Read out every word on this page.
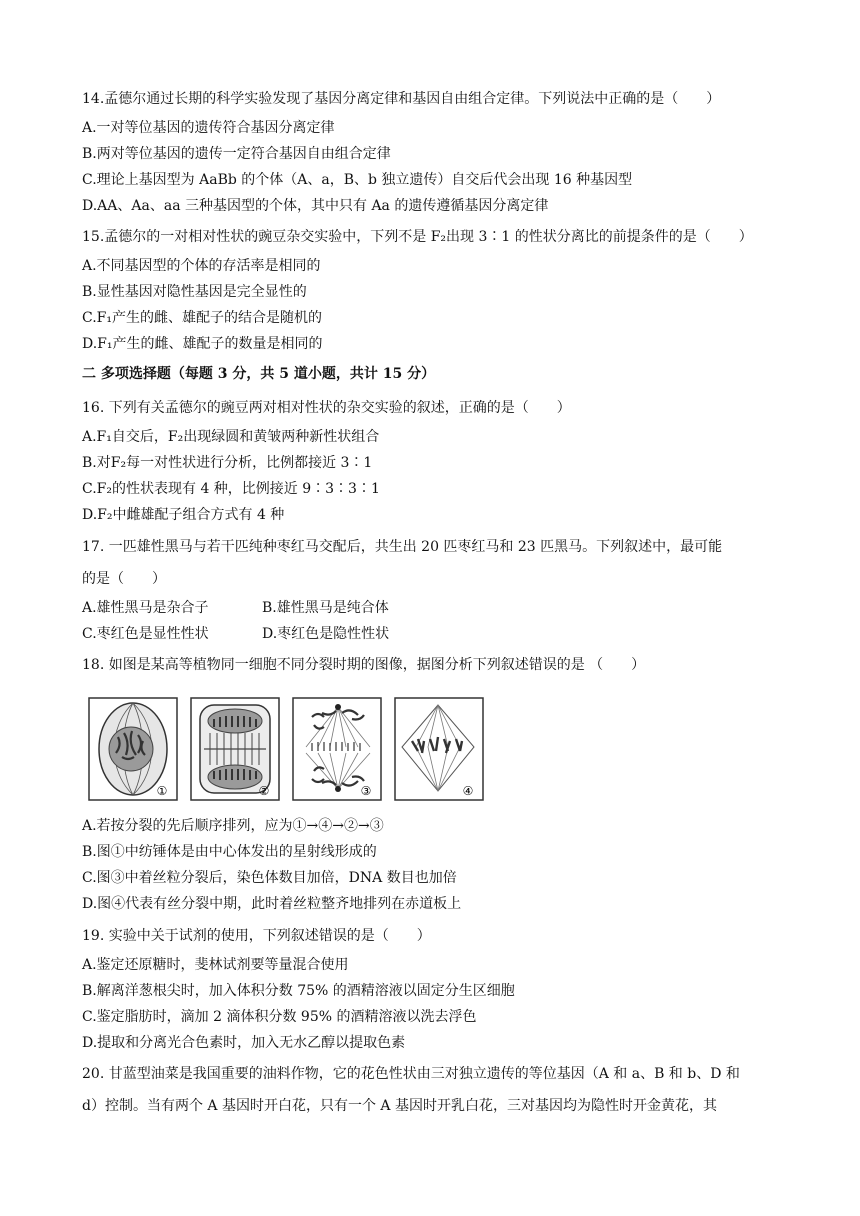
14.孟德尔通过长期的科学实验发现了基因分离定律和基因自由组合定律。下列说法中正确的是（　　）
A.一对等位基因的遗传符合基因分离定律
B.两对等位基因的遗传一定符合基因自由组合定律
C.理论上基因型为 AaBb 的个体（A、a，B、b 独立遗传）自交后代会出现 16 种基因型
D.AA、Aa、aa 三种基因型的个体，其中只有 Aa 的遗传遵循基因分离定律
15.孟德尔的一对相对性状的豌豆杂交实验中，下列不是 F₂出现 3∶1 的性状分离比的前提条件的是（　　）
A.不同基因型的个体的存活率是相同的
B.显性基因对隐性基因是完全显性的
C.F₁产生的雌、雄配子的结合是随机的
D.F₁产生的雌、雄配子的数量是相同的
二 多项选择题（每题 3 分，共 5 道小题，共计 15 分）
16. 下列有关孟德尔的豌豆两对相对性状的杂交实验的叙述，正确的是（　　）
A.F₁自交后，F₂出现绿圆和黄皱两种新性状组合
B.对F₂每一对性状进行分析，比例都接近 3∶1
C.F₂的性状表现有 4 种，比例接近 9∶3∶3∶1
D.F₂中雌雄配子组合方式有 4 种
17. 一匹雄性黑马与若干匹纯种枣红马交配后，共生出 20 匹枣红马和 23 匹黑马。下列叙述中，最可能
的是（　　）
A.雄性黑马是杂合子	B.雄性黑马是纯合体
C.枣红色是显性性状	D.枣红色是隐性性状
18. 如图是某高等植物同一细胞不同分裂时期的图像，据图分析下列叙述错误的是 （　　）
①	②	③	④
A.若按分裂的先后顺序排列，应为①→④→②→③
B.图①中纺锤体是由中心体发出的星射线形成的
C.图③中着丝粒分裂后，染色体数目加倍，DNA 数目也加倍
D.图④代表有丝分裂中期，此时着丝粒整齐地排列在赤道板上
19. 实验中关于试剂的使用，下列叙述错误的是（　　）
A.鉴定还原糖时，斐林试剂要等量混合使用
B.解离洋葱根尖时，加入体积分数 75% 的酒精溶液以固定分生区细胞
C.鉴定脂肪时，滴加 2 滴体积分数 95% 的酒精溶液以洗去浮色
D.提取和分离光合色素时，加入无水乙醇以提取色素
20. 甘蓝型油菜是我国重要的油料作物，它的花色性状由三对独立遗传的等位基因（A 和 a、B 和 b、D 和
d）控制。当有两个 A 基因时开白花，只有一个 A 基因时开乳白花，三对基因均为隐性时开金黄花，其
